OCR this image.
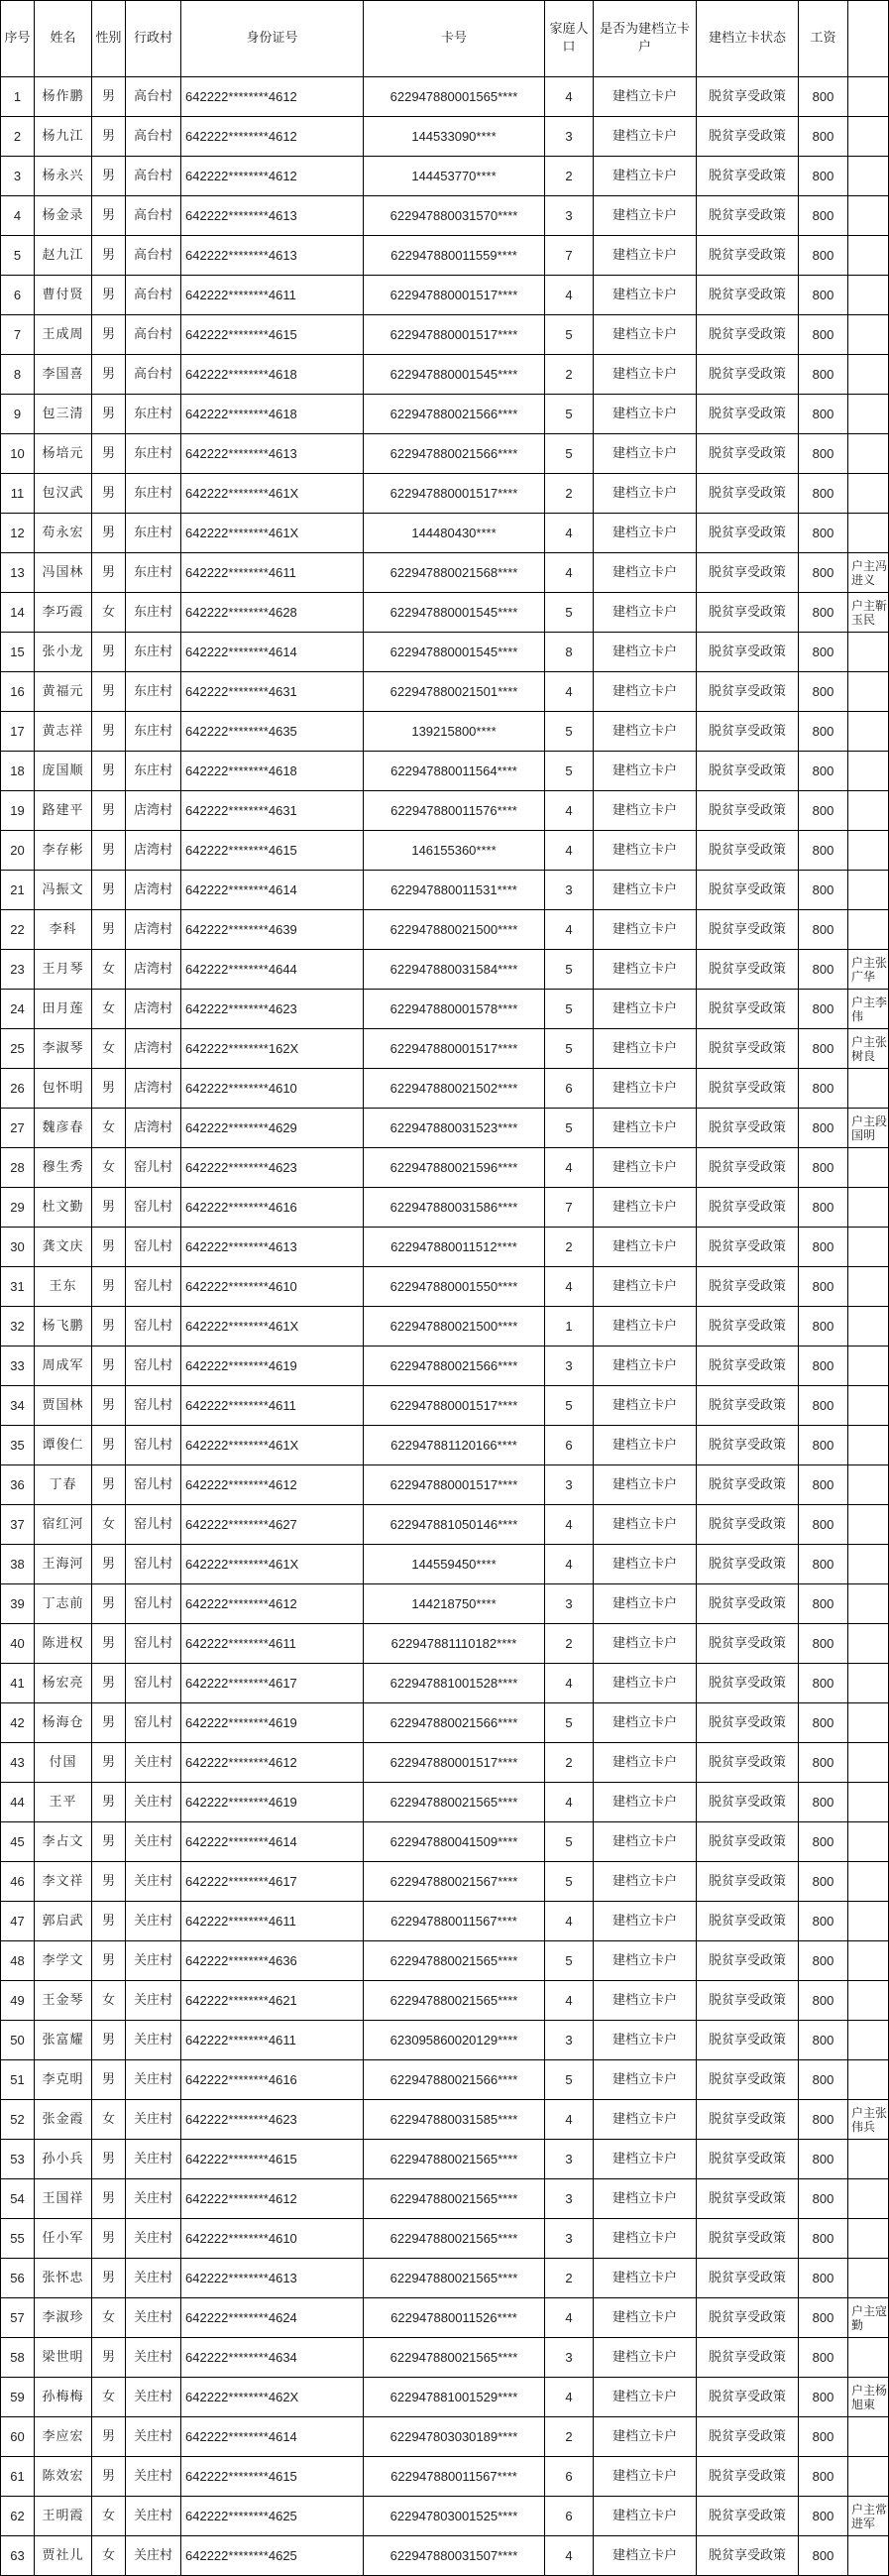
序号	姓名	性别	行政村	身份证号	卡号	家庭人口	是否为建档立卡户	建档立卡状态	工资	
1	杨作鹏	男	高台村	642222********4612	622947880001565****	4	建档立卡户	脱贫享受政策	800	
2	杨九江	男	高台村	642222********4612	144533090****	3	建档立卡户	脱贫享受政策	800	
3	杨永兴	男	高台村	642222********4612	144453770****	2	建档立卡户	脱贫享受政策	800	
4	杨金录	男	高台村	642222********4613	622947880031570****	3	建档立卡户	脱贫享受政策	800	
5	赵九江	男	高台村	642222********4613	622947880011559****	7	建档立卡户	脱贫享受政策	800	
6	曹付贤	男	高台村	642222********4611	622947880001517****	4	建档立卡户	脱贫享受政策	800	
7	王成周	男	高台村	642222********4615	622947880001517****	5	建档立卡户	脱贫享受政策	800	
8	李国喜	男	高台村	642222********4618	622947880001545****	2	建档立卡户	脱贫享受政策	800	
9	包三清	男	东庄村	642222********4618	622947880021566****	5	建档立卡户	脱贫享受政策	800	
10	杨培元	男	东庄村	642222********4613	622947880021566****	5	建档立卡户	脱贫享受政策	800	
11	包汉武	男	东庄村	642222********461X	622947880001517****	2	建档立卡户	脱贫享受政策	800	
12	苟永宏	男	东庄村	642222********461X	144480430****	4	建档立卡户	脱贫享受政策	800	
13	冯国林	男	东庄村	642222********4611	622947880021568****	4	建档立卡户	脱贫享受政策	800	户主冯进义
14	李巧霞	女	东庄村	642222********4628	622947880001545****	5	建档立卡户	脱贫享受政策	800	户主靳玉民
15	张小龙	男	东庄村	642222********4614	622947880001545****	8	建档立卡户	脱贫享受政策	800	
16	黄福元	男	东庄村	642222********4631	622947880021501****	4	建档立卡户	脱贫享受政策	800	
17	黄志祥	男	东庄村	642222********4635	139215800****	5	建档立卡户	脱贫享受政策	800	
18	庞国顺	男	东庄村	642222********4618	622947880011564****	5	建档立卡户	脱贫享受政策	800	
19	路建平	男	店湾村	642222********4631	622947880011576****	4	建档立卡户	脱贫享受政策	800	
20	李存彬	男	店湾村	642222********4615	146155360****	4	建档立卡户	脱贫享受政策	800	
21	冯振文	男	店湾村	642222********4614	622947880011531****	3	建档立卡户	脱贫享受政策	800	
22	李科	男	店湾村	642222********4639	622947880021500****	4	建档立卡户	脱贫享受政策	800	
23	王月琴	女	店湾村	642222********4644	622947880031584****	5	建档立卡户	脱贫享受政策	800	户主张广华
24	田月莲	女	店湾村	642222********4623	622947880001578****	5	建档立卡户	脱贫享受政策	800	户主李伟
25	李淑琴	女	店湾村	642222********162X	622947880001517****	5	建档立卡户	脱贫享受政策	800	户主张树良
26	包怀明	男	店湾村	642222********4610	622947880021502****	6	建档立卡户	脱贫享受政策	800	
27	魏彦春	女	店湾村	642222********4629	622947880031523****	5	建档立卡户	脱贫享受政策	800	户主段国明
28	穆生秀	女	窑儿村	642222********4623	622947880021596****	4	建档立卡户	脱贫享受政策	800	
29	杜文勤	男	窑儿村	642222********4616	622947880031586****	7	建档立卡户	脱贫享受政策	800	
30	龚文庆	男	窑儿村	642222********4613	622947880011512****	2	建档立卡户	脱贫享受政策	800	
31	王东	男	窑儿村	642222********4610	622947880001550****	4	建档立卡户	脱贫享受政策	800	
32	杨飞鹏	男	窑儿村	642222********461X	622947880021500****	1	建档立卡户	脱贫享受政策	800	
33	周成军	男	窑儿村	642222********4619	622947880021566****	3	建档立卡户	脱贫享受政策	800	
34	贾国林	男	窑儿村	642222********4611	622947880001517****	5	建档立卡户	脱贫享受政策	800	
35	谭俊仁	男	窑儿村	642222********461X	622947881120166****	6	建档立卡户	脱贫享受政策	800	
36	丁春	男	窑儿村	642222********4612	622947880001517****	3	建档立卡户	脱贫享受政策	800	
37	宿红河	女	窑儿村	642222********4627	622947881050146****	4	建档立卡户	脱贫享受政策	800	
38	王海河	男	窑儿村	642222********461X	144559450****	4	建档立卡户	脱贫享受政策	800	
39	丁志前	男	窑儿村	642222********4612	144218750****	3	建档立卡户	脱贫享受政策	800	
40	陈进权	男	窑儿村	642222********4611	622947881110182****	2	建档立卡户	脱贫享受政策	800	
41	杨宏亮	男	窑儿村	642222********4617	622947881001528****	4	建档立卡户	脱贫享受政策	800	
42	杨海仓	男	窑儿村	642222********4619	622947880021566****	5	建档立卡户	脱贫享受政策	800	
43	付国	男	关庄村	642222********4612	622947880001517****	2	建档立卡户	脱贫享受政策	800	
44	王平	男	关庄村	642222********4619	622947880021565****	4	建档立卡户	脱贫享受政策	800	
45	李占文	男	关庄村	642222********4614	622947880041509****	5	建档立卡户	脱贫享受政策	800	
46	李文祥	男	关庄村	642222********4617	622947880021567****	5	建档立卡户	脱贫享受政策	800	
47	郭启武	男	关庄村	642222********4611	622947880011567****	4	建档立卡户	脱贫享受政策	800	
48	李学文	男	关庄村	642222********4636	622947880021565****	5	建档立卡户	脱贫享受政策	800	
49	王金琴	女	关庄村	642222********4621	622947880021565****	4	建档立卡户	脱贫享受政策	800	
50	张富耀	男	关庄村	642222********4611	623095860020129****	3	建档立卡户	脱贫享受政策	800	
51	李克明	男	关庄村	642222********4616	622947880021566****	5	建档立卡户	脱贫享受政策	800	
52	张金霞	女	关庄村	642222********4623	622947880031585****	4	建档立卡户	脱贫享受政策	800	户主张伟兵
53	孙小兵	男	关庄村	642222********4615	622947880021565****	3	建档立卡户	脱贫享受政策	800	
54	王国祥	男	关庄村	642222********4612	622947880021565****	3	建档立卡户	脱贫享受政策	800	
55	任小军	男	关庄村	642222********4610	622947880021565****	3	建档立卡户	脱贫享受政策	800	
56	张怀忠	男	关庄村	642222********4613	622947880021565****	2	建档立卡户	脱贫享受政策	800	
57	李淑珍	女	关庄村	642222********4624	622947880011526****	4	建档立卡户	脱贫享受政策	800	户主寇勤
58	梁世明	男	关庄村	642222********4634	622947880021565****	3	建档立卡户	脱贫享受政策	800	
59	孙梅梅	女	关庄村	642222********462X	622947881001529****	4	建档立卡户	脱贫享受政策	800	户主杨旭東
60	李应宏	男	关庄村	642222********4614	622947803030189****	2	建档立卡户	脱贫享受政策	800	
61	陈效宏	男	关庄村	642222********4615	622947880011567****	6	建档立卡户	脱贫享受政策	800	
62	王明霞	女	关庄村	642222********4625	622947803001525****	6	建档立卡户	脱贫享受政策	800	户主常进军
63	贾社儿	女	关庄村	642222********4625	622947880031507****	4	建档立卡户	脱贫享受政策	800	
